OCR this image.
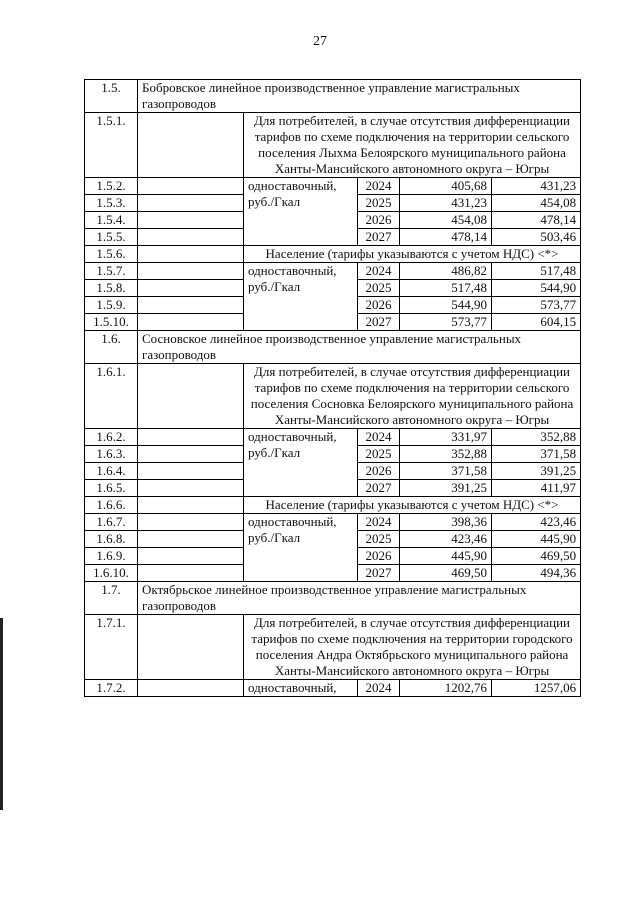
27
1.5.	Бобровское линейное производственное управление магистральных газопроводов				
1.5.1.		Для потребителей, в случае отсутствия дифференциации тарифов по схеме подключения на территории сельского поселения Лыхма Белоярского муниципального района Ханты-Мансийского автономного округа – Югры			
1.5.2.		одноставочный, руб./Гкал	2024	405,68	431,23
1.5.3.			2025	431,23	454,08
1.5.4.			2026	454,08	478,14
1.5.5.			2027	478,14	503,46
1.5.6.		Население (тарифы указываются с учетом НДС) <*>			
1.5.7.		одноставочный, руб./Гкал	2024	486,82	517,48
1.5.8.			2025	517,48	544,90
1.5.9.			2026	544,90	573,77
1.5.10.			2027	573,77	604,15
1.6.	Сосновское линейное производственное управление магистральных газопроводов				
1.6.1.		Для потребителей, в случае отсутствия дифференциации тарифов по схеме подключения на территории сельского поселения Сосновка Белоярского муниципального района Ханты-Мансийского автономного округа – Югры			
1.6.2.		одноставочный, руб./Гкал	2024	331,97	352,88
1.6.3.			2025	352,88	371,58
1.6.4.			2026	371,58	391,25
1.6.5.			2027	391,25	411,97
1.6.6.		Население (тарифы указываются с учетом НДС) <*>			
1.6.7.		одноставочный, руб./Гкал	2024	398,36	423,46
1.6.8.			2025	423,46	445,90
1.6.9.			2026	445,90	469,50
1.6.10.			2027	469,50	494,36
1.7.	Октябрьское линейное производственное управление магистральных газопроводов				
1.7.1.		Для потребителей, в случае отсутствия дифференциации тарифов по схеме подключения на территории городского поселения Андра Октябрьского муниципального района Ханты-Мансийского автономного округа – Югры			
1.7.2.		одноставочный,	2024	1202,76	1257,06
